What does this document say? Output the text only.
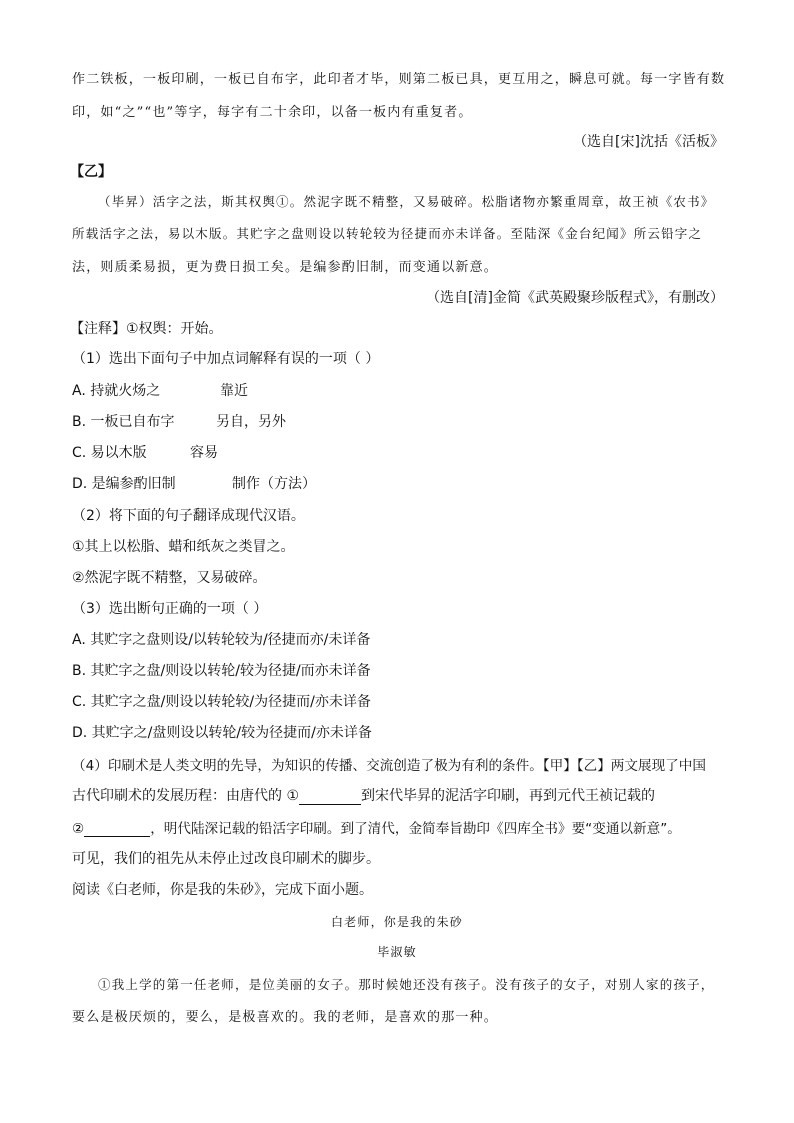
作二铁板，一板印刷，一板已自布字，此印者才毕，则第二板已具，更互用之，瞬息可就。每一字皆有数
印，如“之”“也”等字，每字有二十余印，以备一板内有重复者。
（选自[宋]沈括《活板》
【乙】
（毕昇）活字之法，斯其权舆①。然泥字既不精整，又易破碎。松脂诸物亦繁重周章，故王祯《农书》
所载活字之法，易以木版。其贮字之盘则设以转轮较为径捷而亦未详备。至陆深《金台纪闻》所云铅字之
法，则质柔易损，更为费日损工矣。是编参酌旧制，而变通以新意。
（选自[清]金简《武英殿聚珍版程式》，有删改）
【注释】①权舆：开始。
（1）选出下面句子中加点词解释有误的一项（ ）
A. 持就火炀之	靠近
B. 一板已自布字	另自，另外
C. 易以木版	容易
D. 是编参酌旧制	制作（方法）
（2）将下面的句子翻译成现代汉语。
①其上以松脂、蜡和纸灰之类冒之。
②然泥字既不精整，又易破碎。
（3）选出断句正确的一项（ ）
A. 其贮字之盘则设/以转轮较为/径捷而亦/未详备
B. 其贮字之盘/则设以转轮/较为径捷/而亦未详备
C. 其贮字之盘/则设以转轮较/为径捷而/亦未详备
D. 其贮字之/盘则设以转轮/较为径捷而/亦未详备
（4）印刷术是人类文明的先导，为知识的传播、交流创造了极为有利的条件。【甲】【乙】两文展现了中国
古代印刷术的发展历程：由唐代的 ①	到宋代毕昇的泥活字印刷，再到元代王祯记载的
②	，明代陆深记载的铅活字印刷。到了清代，金简奉旨勘印《四库全书》要“变通以新意”。
可见，我们的祖先从未停止过改良印刷术的脚步。
阅读《白老师，你是我的朱砂》，完成下面小题。
白老师，你是我的朱砂
毕淑敏
①我上学的第一任老师，是位美丽的女子。那时候她还没有孩子。没有孩子的女子，对别人家的孩子，
要么是极厌烦的，要么，是极喜欢的。我的老师，是喜欢的那一种。
